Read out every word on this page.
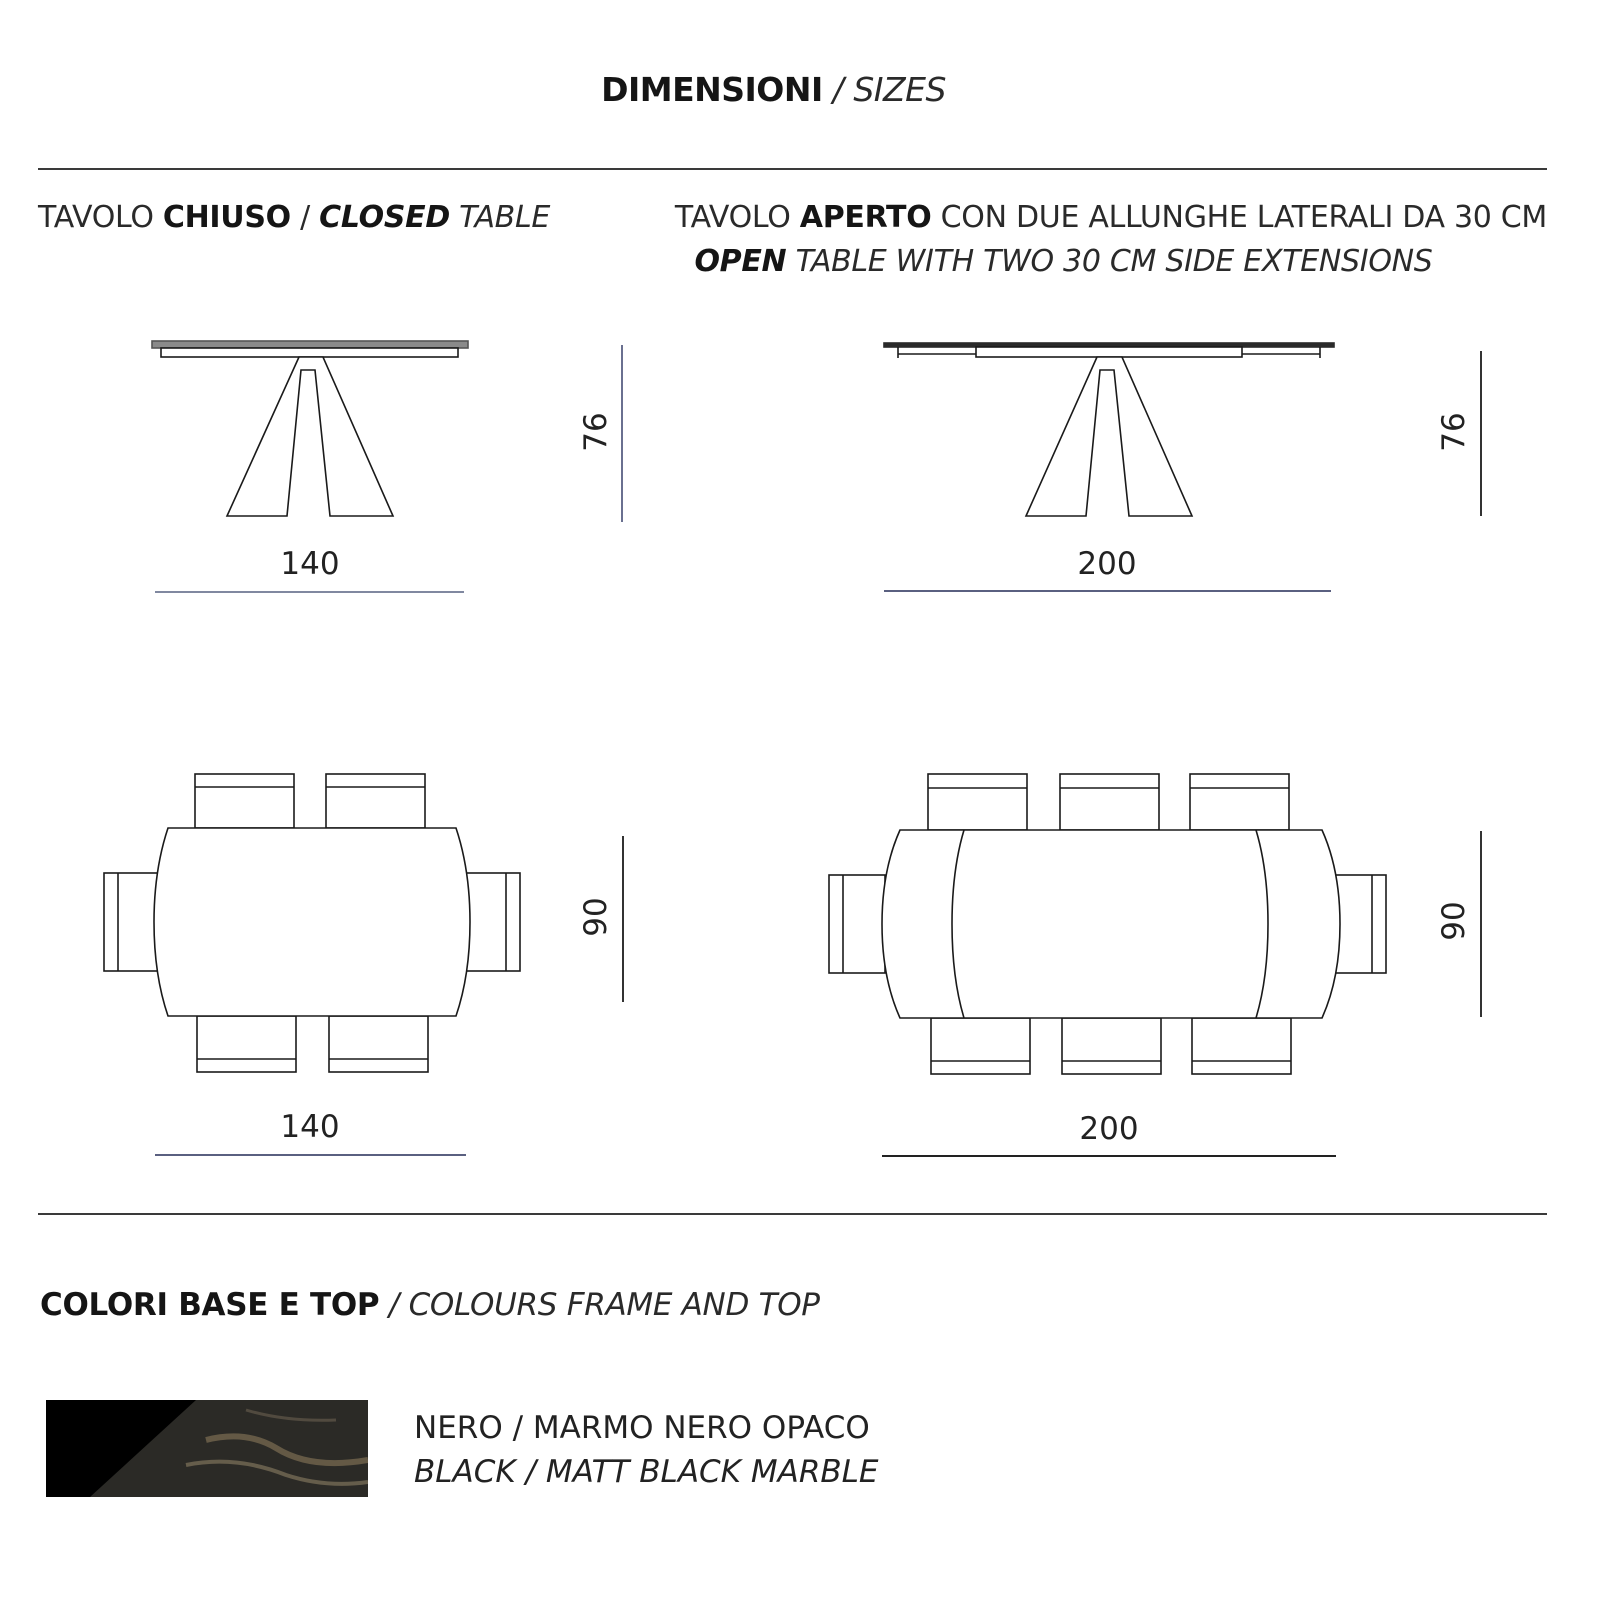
DIMENSIONI / SIZES
TAVOLO CHIUSO / CLOSED TABLE	TAVOLO APERTO CON DUE ALLUNGHE LATERALI DA 30 CM
OPEN TABLE WITH TWO 30 CM SIDE EXTENSIONS
140	200
76	76
140	200
90	90
COLORI BASE E TOP / COLOURS FRAME AND TOP
NERO / MARMO NERO OPACO
BLACK / MATT BLACK MARBLE
